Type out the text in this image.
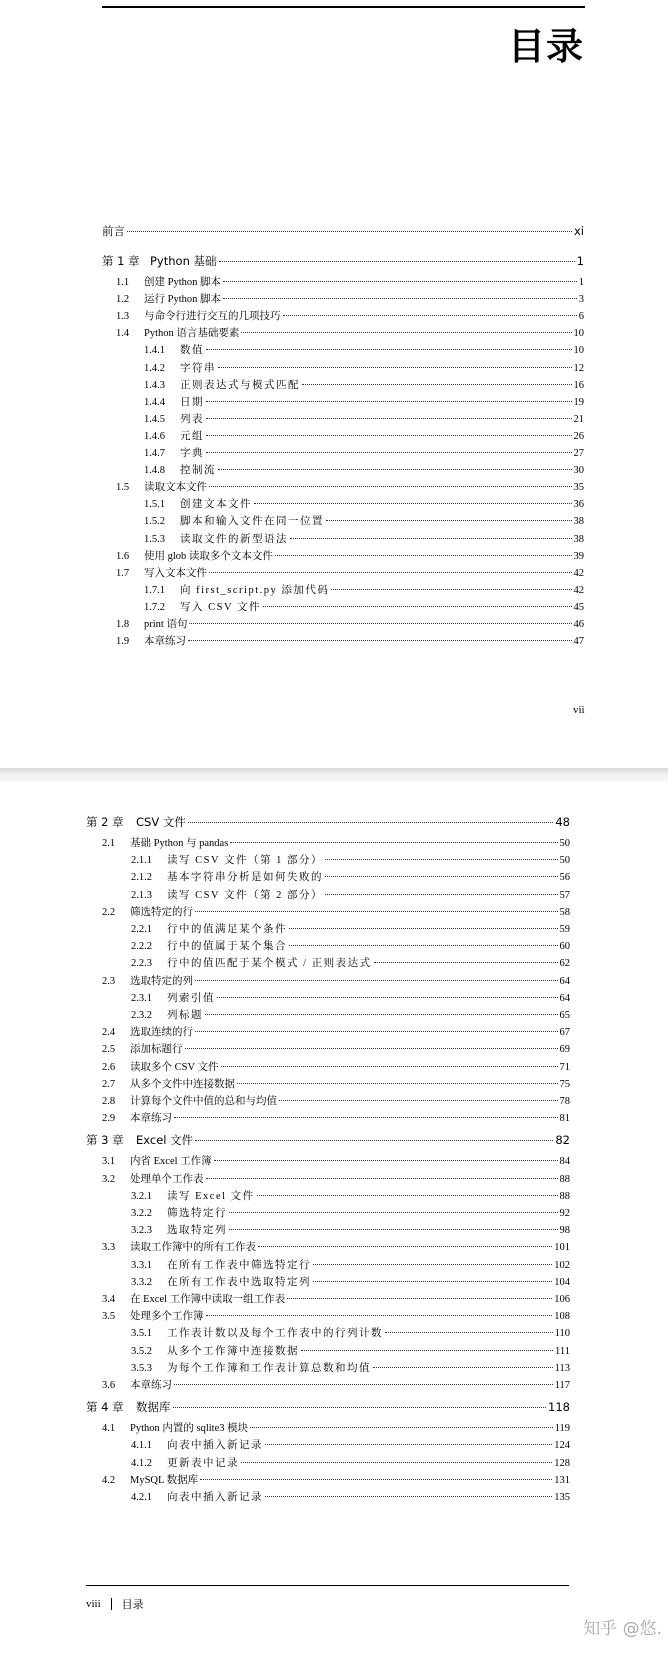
目录
前言	xi
第 1 章 Python 基础	1
1.1	创建 Python 脚本	1
1.2	运行 Python 脚本	3
1.3	与命令行进行交互的几项技巧	6
1.4	Python 语言基础要素	10
1.4.1	数值	10
1.4.2	字符串	12
1.4.3	正则表达式与模式匹配	16
1.4.4	日期	19
1.4.5	列表	21
1.4.6	元组	26
1.4.7	字典	27
1.4.8	控制流	30
1.5	读取文本文件	35
1.5.1	创建文本文件	36
1.5.2	脚本和输入文件在同一位置	38
1.5.3	读取文件的新型语法	38
1.6	使用 glob 读取多个文本文件	39
1.7	写入文本文件	42
1.7.1	向 first_script.py 添加代码	42
1.7.2	写入 CSV 文件	45
1.8	print 语句	46
1.9	本章练习	47
vii
第 2 章	CSV 文件	48
2.1	基础 Python 与 pandas	50
2.1.1	读写 CSV 文件（第 1 部分）	50
2.1.2	基本字符串分析是如何失败的	56
2.1.3	读写 CSV 文件（第 2 部分）	57
2.2	筛选特定的行	58
2.2.1	行中的值满足某个条件	59
2.2.2	行中的值属于某个集合	60
2.2.3	行中的值匹配于某个模式 / 正则表达式	62
2.3	选取特定的列	64
2.3.1	列索引值	64
2.3.2	列标题	65
2.4	选取连续的行	67
2.5	添加标题行	69
2.6	读取多个 CSV 文件	71
2.7	从多个文件中连接数据	75
2.8	计算每个文件中值的总和与均值	78
2.9	本章练习	81
第 3 章	Excel 文件	82
3.1	内省 Excel 工作簿	84
3.2	处理单个工作表	88
3.2.1	读写 Excel 文件	88
3.2.2	筛选特定行	92
3.2.3	选取特定列	98
3.3	读取工作簿中的所有工作表	101
3.3.1	在所有工作表中筛选特定行	102
3.3.2	在所有工作表中选取特定列	104
3.4	在 Excel 工作簿中读取一组工作表	106
3.5	处理多个工作簿	108
3.5.1	工作表计数以及每个工作表中的行列计数	110
3.5.2	从多个工作簿中连接数据	111
3.5.3	为每个工作簿和工作表计算总数和均值	113
3.6	本章练习	117
第 4 章	数据库	118
4.1	Python 内置的 sqlite3 模块	119
4.1.1	向表中插入新记录	124
4.1.2	更新表中记录	128
4.2	MySQL 数据库	131
4.2.1	向表中插入新记录	135
viii 目录
知乎 @悠.
